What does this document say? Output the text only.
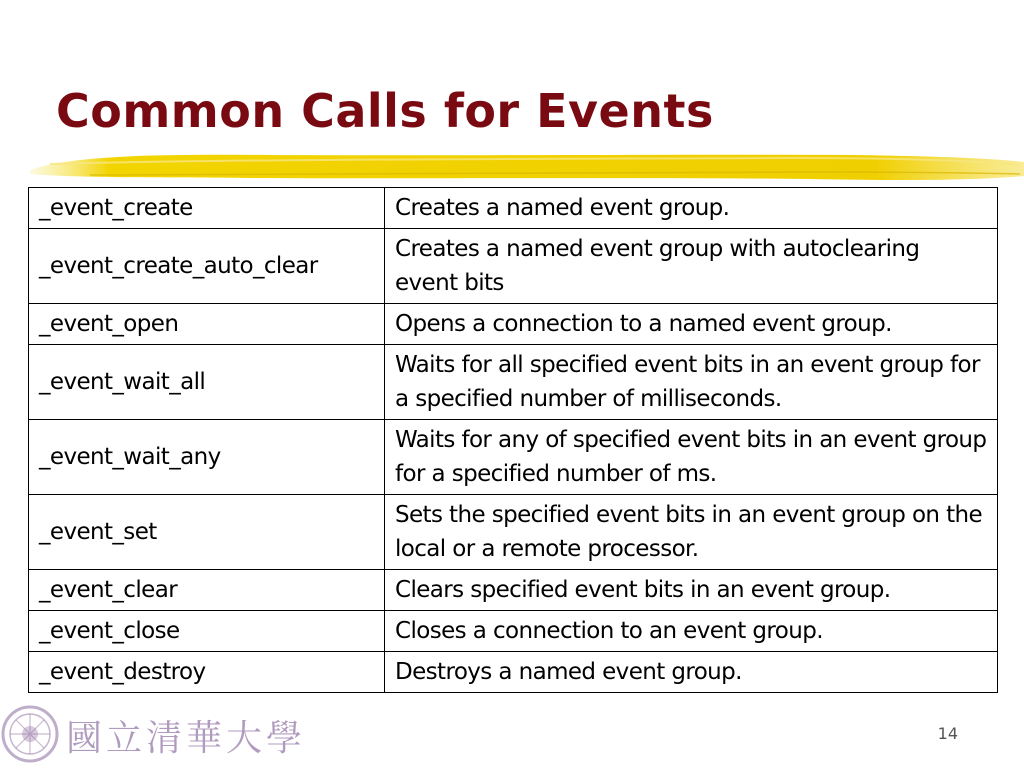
Common Calls for Events
_event_create	Creates a named event group.
_event_create_auto_clear	Creates a named event group with autoclearing event bits
_event_open	Opens a connection to a named event group.
_event_wait_all	Waits for all specified event bits in an event group for a specified number of milliseconds.
_event_wait_any	Waits for any of specified event bits in an event group for a specified number of ms.
_event_set	Sets the specified event bits in an event group on the local or a remote processor.
_event_clear	Clears specified event bits in an event group.
_event_close	Closes a connection to an event group.
_event_destroy	Destroys a named event group.
國立清華大學	14
